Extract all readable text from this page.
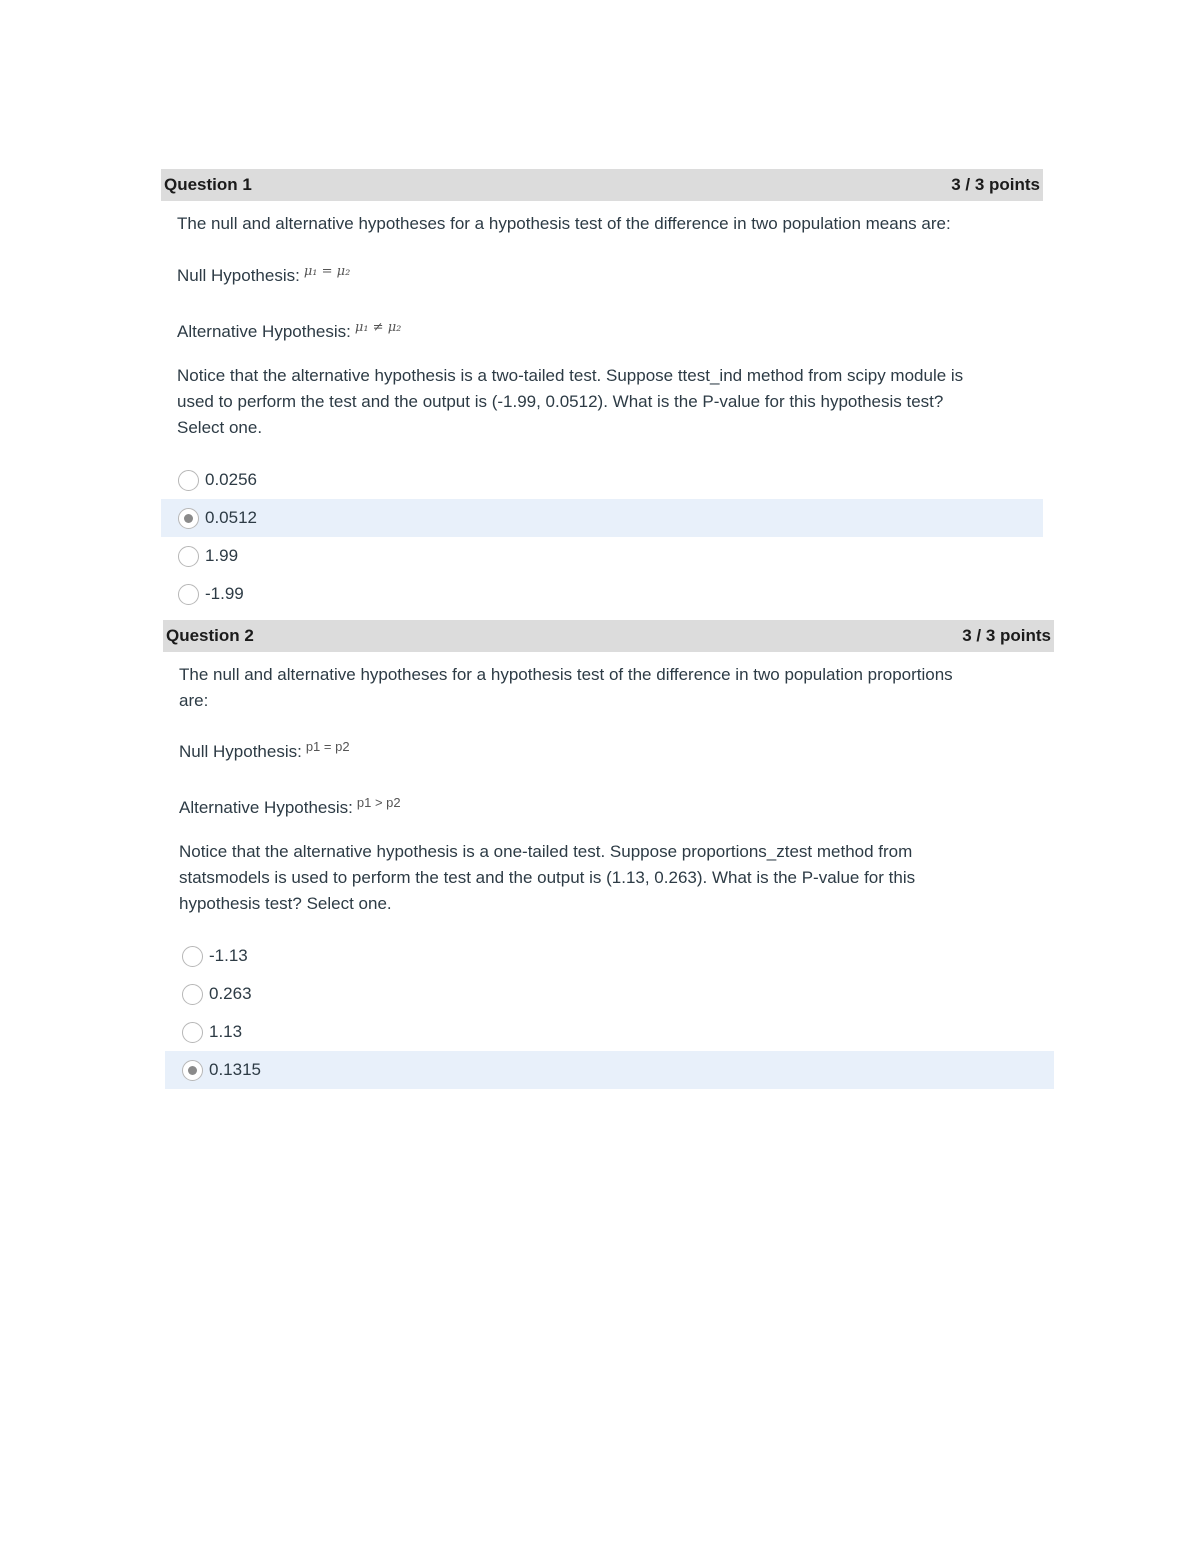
Question 1	3 / 3 points

The null and alternative hypotheses for a hypothesis test of the difference in two population means are:

Null Hypothesis: $^{\mu_1 = \mu_2}$

Alternative Hypothesis: $^{\mu_1 \ne \mu_2}$

Notice that the alternative hypothesis is a two-tailed test. Suppose ttest_ind method from scipy module is
used to perform the test and the output is (-1.99, 0.0512). What is the P-value for this hypothesis test?
Select one.

0.0256
0.0512
1.99
-1.99
Question 2	3 / 3 points

The null and alternative hypotheses for a hypothesis test of the difference in two population proportions
are:

Null Hypothesis: $^{p1 = p2}$

Alternative Hypothesis: $^{p1 > p2}$

Notice that the alternative hypothesis is a one-tailed test. Suppose proportions_ztest method from
statsmodels is used to perform the test and the output is (1.13, 0.263). What is the P-value for this
hypothesis test? Select one.

-1.13
0.263
1.13
0.1315
